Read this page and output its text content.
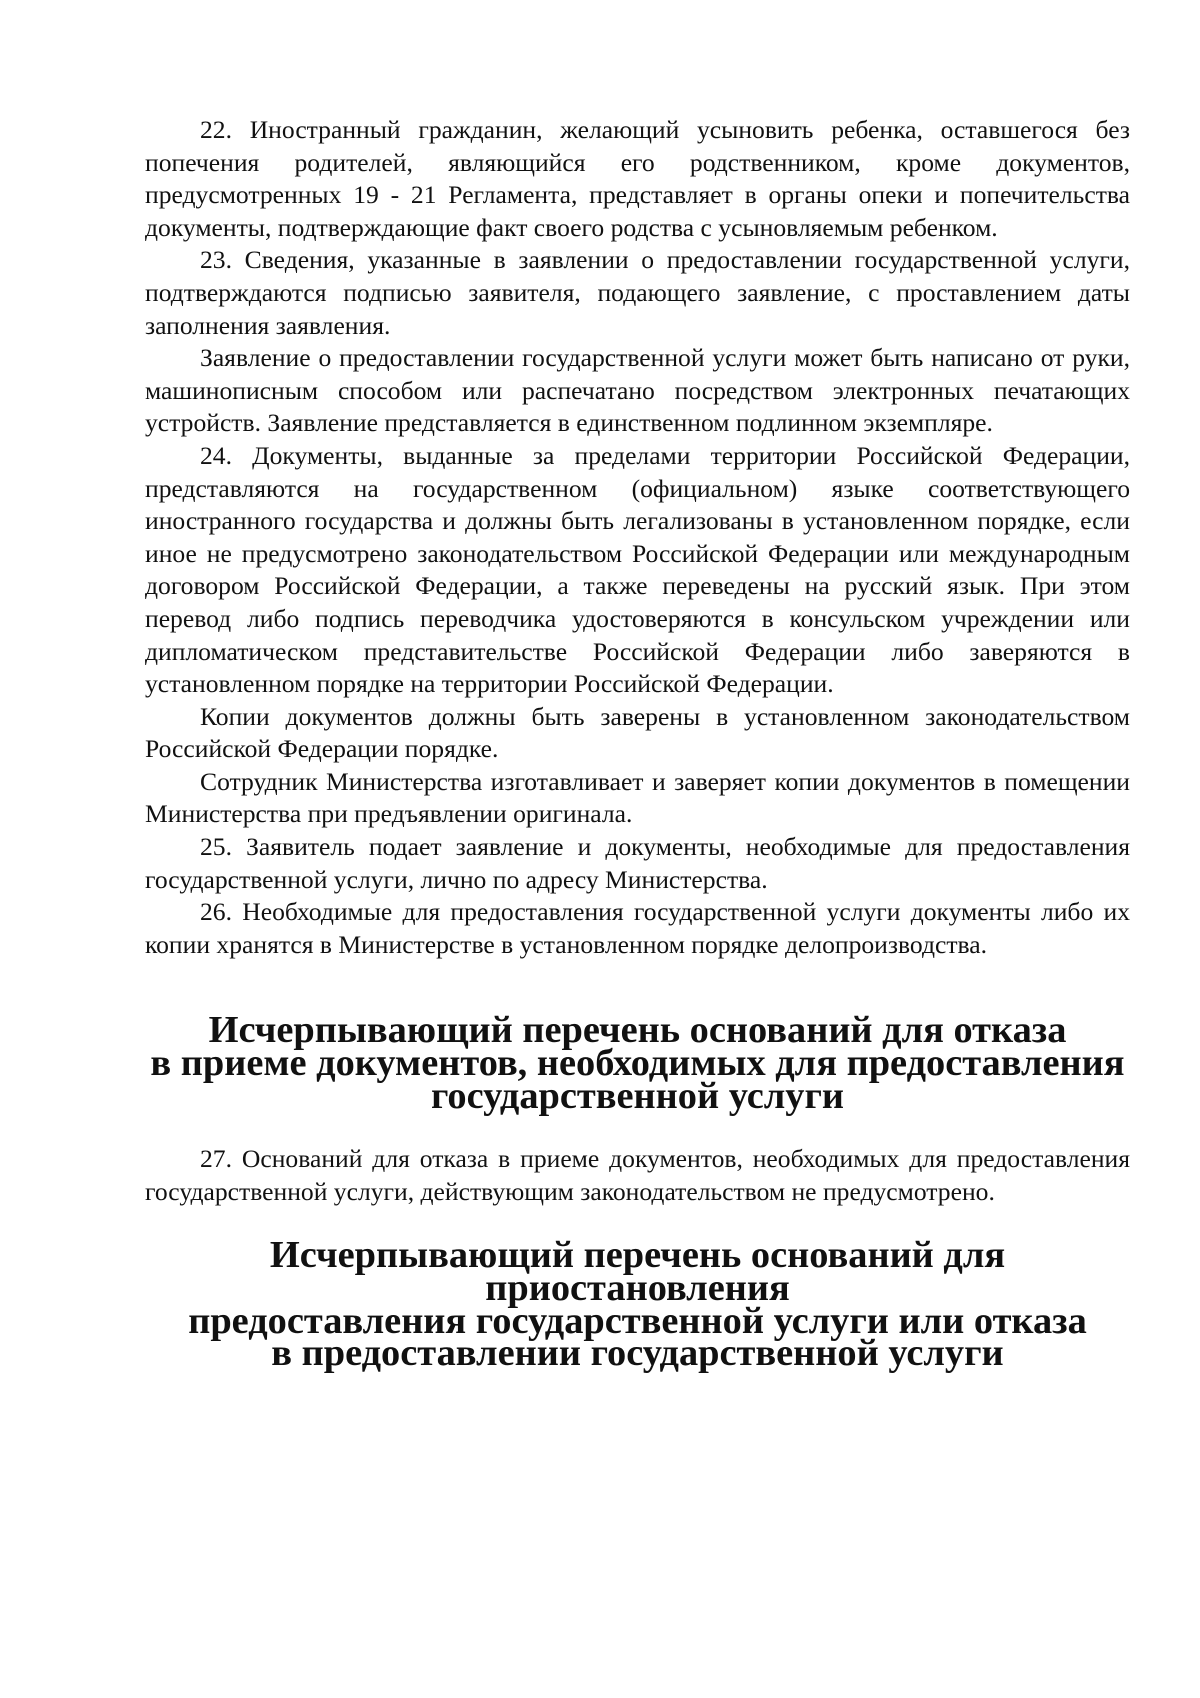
22. Иностранный гражданин, желающий усыновить ребенка, оставшегося без попечения родителей, являющийся его родственником, кроме документов, предусмотренных 19 - 21 Регламента, представляет в органы опеки и попечительства документы, подтверждающие факт своего родства с усыновляемым ребенком.

23. Сведения, указанные в заявлении о предоставлении государственной услуги, подтверждаются подписью заявителя, подающего заявление, с проставлением даты заполнения заявления.

Заявление о предоставлении государственной услуги может быть написано от руки, машинописным способом или распечатано посредством электронных печатающих устройств. Заявление представляется в единственном подлинном экземпляре.

24. Документы, выданные за пределами территории Российской Федерации, представляются на государственном (официальном) языке соответствующего иностранного государства и должны быть легализованы в установленном порядке, если иное не предусмотрено законодательством Российской Федерации или международным договором Российской Федерации, а также переведены на русский язык. При этом перевод либо подпись переводчика удостоверяются в консульском учреждении или дипломатическом представительстве Российской Федерации либо заверяются в установленном порядке на территории Российской Федерации.

Копии документов должны быть заверены в установленном законодательством Российской Федерации порядке.

Сотрудник Министерства изготавливает и заверяет копии документов в помещении Министерства при предъявлении оригинала.

25. Заявитель подает заявление и документы, необходимые для предоставления государственной услуги, лично по адресу Министерства.

26. Необходимые для предоставления государственной услуги документы либо их копии хранятся в Министерстве в установленном порядке делопроизводства.

Исчерпывающий перечень оснований для отказа
в приеме документов, необходимых для предоставления
государственной услуги

27. Оснований для отказа в приеме документов, необходимых для предоставления государственной услуги, действующим законодательством не предусмотрено.

Исчерпывающий перечень оснований для приостановления
предоставления государственной услуги или отказа
в предоставлении государственной услуги
